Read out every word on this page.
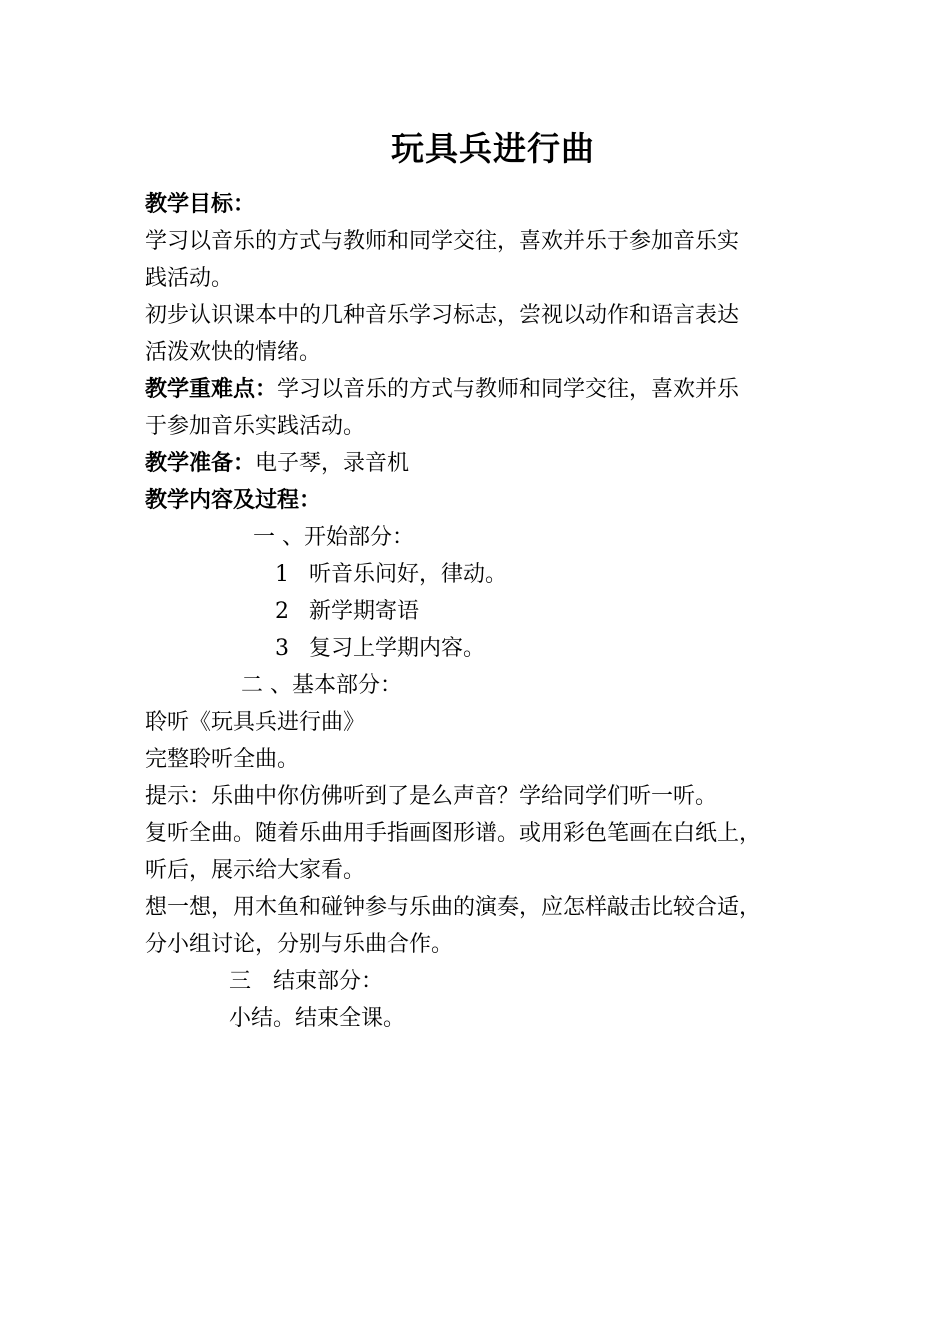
玩具兵进行曲
教学目标：
学习以音乐的方式与教师和同学交往，喜欢并乐于参加音乐实
践活动。
初步认识课本中的几种音乐学习标志，尝视以动作和语言表达
活泼欢快的情绪。
教学重难点：学习以音乐的方式与教师和同学交往，喜欢并乐
于参加音乐实践活动。
教学准备：电子琴，录音机
教学内容及过程：
一 、开始部分：
1 听音乐问好，律动。
2 新学期寄语
3 复习上学期内容。
二 、基本部分：
聆听《玩具兵进行曲》
完整聆听全曲。
提示：乐曲中你仿佛听到了是么声音？学给同学们听一听。
复听全曲。随着乐曲用手指画图形谱。或用彩色笔画在白纸上，
听后，展示给大家看。
想一想，用木鱼和碰钟参与乐曲的演奏，应怎样敲击比较合适，
分小组讨论，分别与乐曲合作。
三　结束部分：
小结。结束全课。
